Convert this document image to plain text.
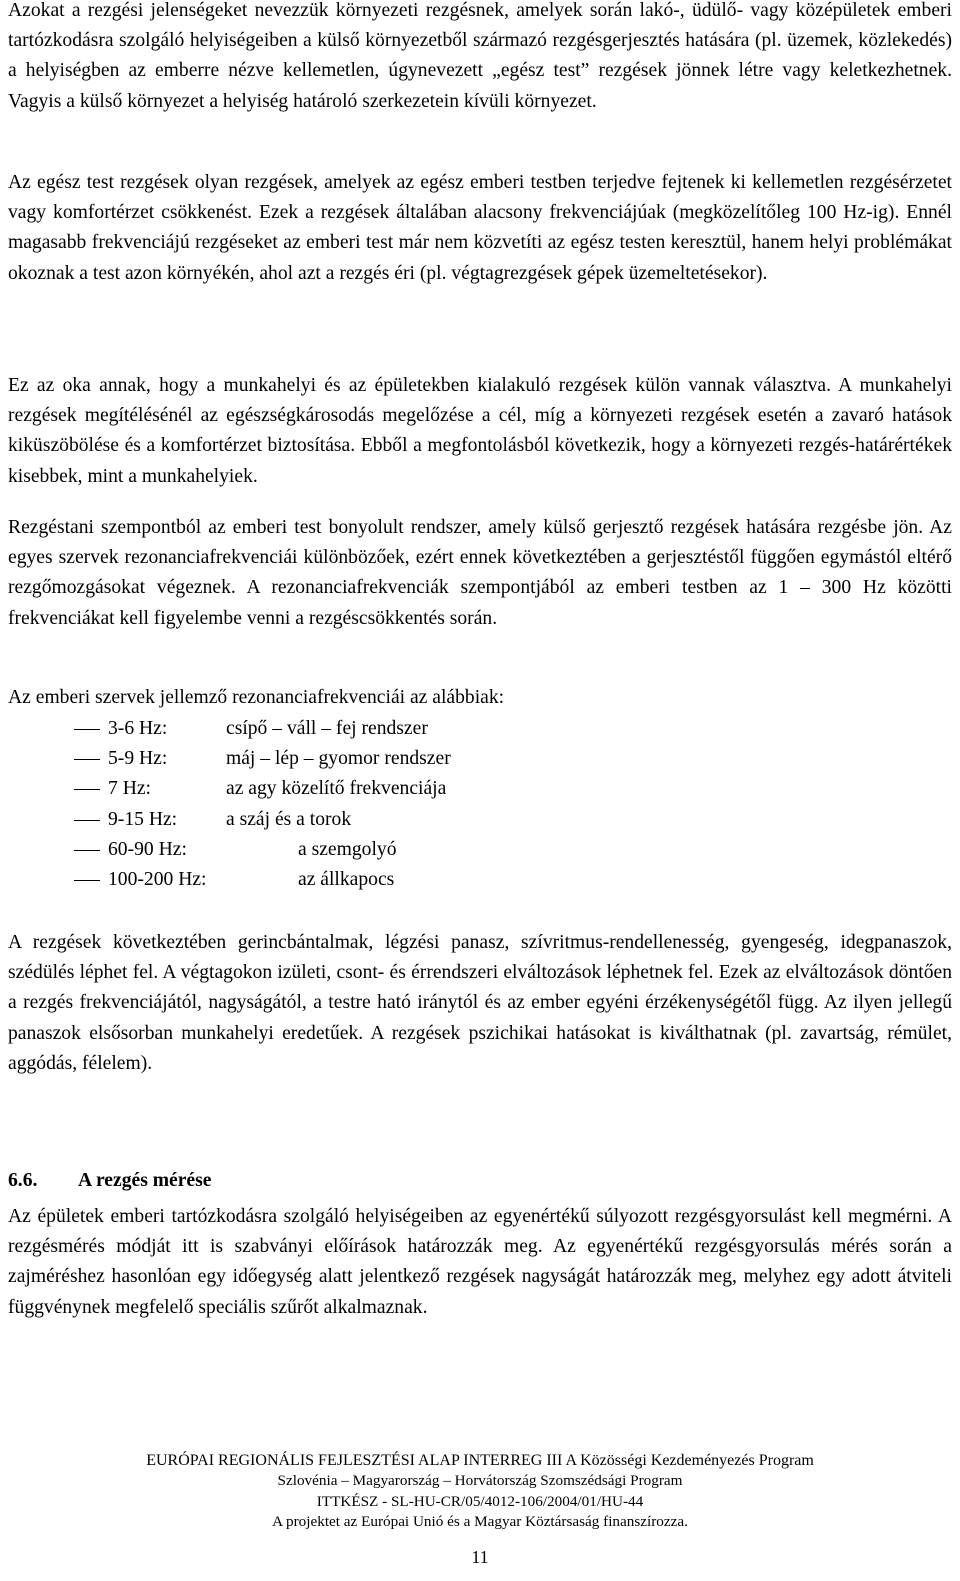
Azokat a rezgési jelenségeket nevezzük környezeti rezgésnek, amelyek során lakó-, üdülő- vagy középületek emberi tartózkodásra szolgáló helyiségeiben a külső környezetből származó rezgésgerjesztés hatására (pl. üzemek, közlekedés) a helyiségben az emberre nézve kellemetlen, úgynevezett „egész test” rezgések jönnek létre vagy keletkezhetnek. Vagyis a külső környezet a helyiség határoló szerkezetein kívüli környezet.

Az egész test rezgések olyan rezgések, amelyek az egész emberi testben terjedve fejtenek ki kellemetlen rezgésérzetet vagy komfortérzet csökkenést. Ezek a rezgések általában alacsony frekvenciájúak (megközelítőleg 100 Hz-ig). Ennél magasabb frekvenciájú rezgéseket az emberi test már nem közvetíti az egész testen keresztül, hanem helyi problémákat okoznak a test azon környékén, ahol azt a rezgés éri (pl. végtagrezgések gépek üzemeltetésekor).

Ez az oka annak, hogy a munkahelyi és az épületekben kialakuló rezgések külön vannak választva. A munkahelyi rezgések megítélésénél az egészségkárosodás megelőzése a cél, míg a környezeti rezgések esetén a zavaró hatások kiküszöbölése és a komfortérzet biztosítása. Ebből a megfontolásból következik, hogy a környezeti rezgés-határértékek kisebbek, mint a munkahelyiek.

Rezgéstani szempontból az emberi test bonyolult rendszer, amely külső gerjesztő rezgések hatására rezgésbe jön. Az egyes szervek rezonanciafrekvenciái különbözőek, ezért ennek következtében a gerjesztéstől függően egymástól eltérő rezgőmozgásokat végeznek. A rezonanciafrekvenciák szempontjából az emberi testben az 1 – 300 Hz közötti frekvenciákat kell figyelembe venni a rezgéscsökkentés során.

Az emberi szervek jellemző rezonanciafrekvenciái az alábbiak:
3-6 Hz:	csípő – váll – fej rendszer
5-9 Hz:	máj – lép – gyomor rendszer
7 Hz:	az agy közelítő frekvenciája
9-15 Hz: a száj és a torok
60-90 Hz:	a szemgolyó
100-200 Hz:	az állkapocs

A rezgések következtében gerincbántalmak, légzési panasz, szívritmus-rendellenesség, gyengeség, idegpanaszok, szédülés léphet fel. A végtagokon izületi, csont- és érrendszeri elváltozások léphetnek fel. Ezek az elváltozások döntően a rezgés frekvenciájától, nagyságától, a testre ható iránytól és az ember egyéni érzékenységétől függ. Az ilyen jellegű panaszok elsősorban munkahelyi eredetűek. A rezgések pszichikai hatásokat is kiválthatnak (pl. zavartság, rémület, aggódás, félelem).

6.6. A rezgés mérése

Az épületek emberi tartózkodásra szolgáló helyiségeiben az egyenértékű súlyozott rezgésgyorsulást kell megmérni. A rezgésmérés módját itt is szabványi előírások határozzák meg. Az egyenértékű rezgésgyorsulás mérés során a zajméréshez hasonlóan egy időegység alatt jelentkező rezgések nagyságát határozzák meg, melyhez egy adott átviteli függvénynek megfelelő speciális szűrőt alkalmaznak.

EURÓPAI REGIONÁLIS FEJLESZTÉSI ALAP INTERREG III A Közösségi Kezdeményezés Program
Szlovénia – Magyarország – Horvátország Szomszédsági Program
ITTKÉSZ - SL-HU-CR/05/4012-106/2004/01/HU-44
A projektet az Európai Unió és a Magyar Köztársaság finanszírozza.
11
